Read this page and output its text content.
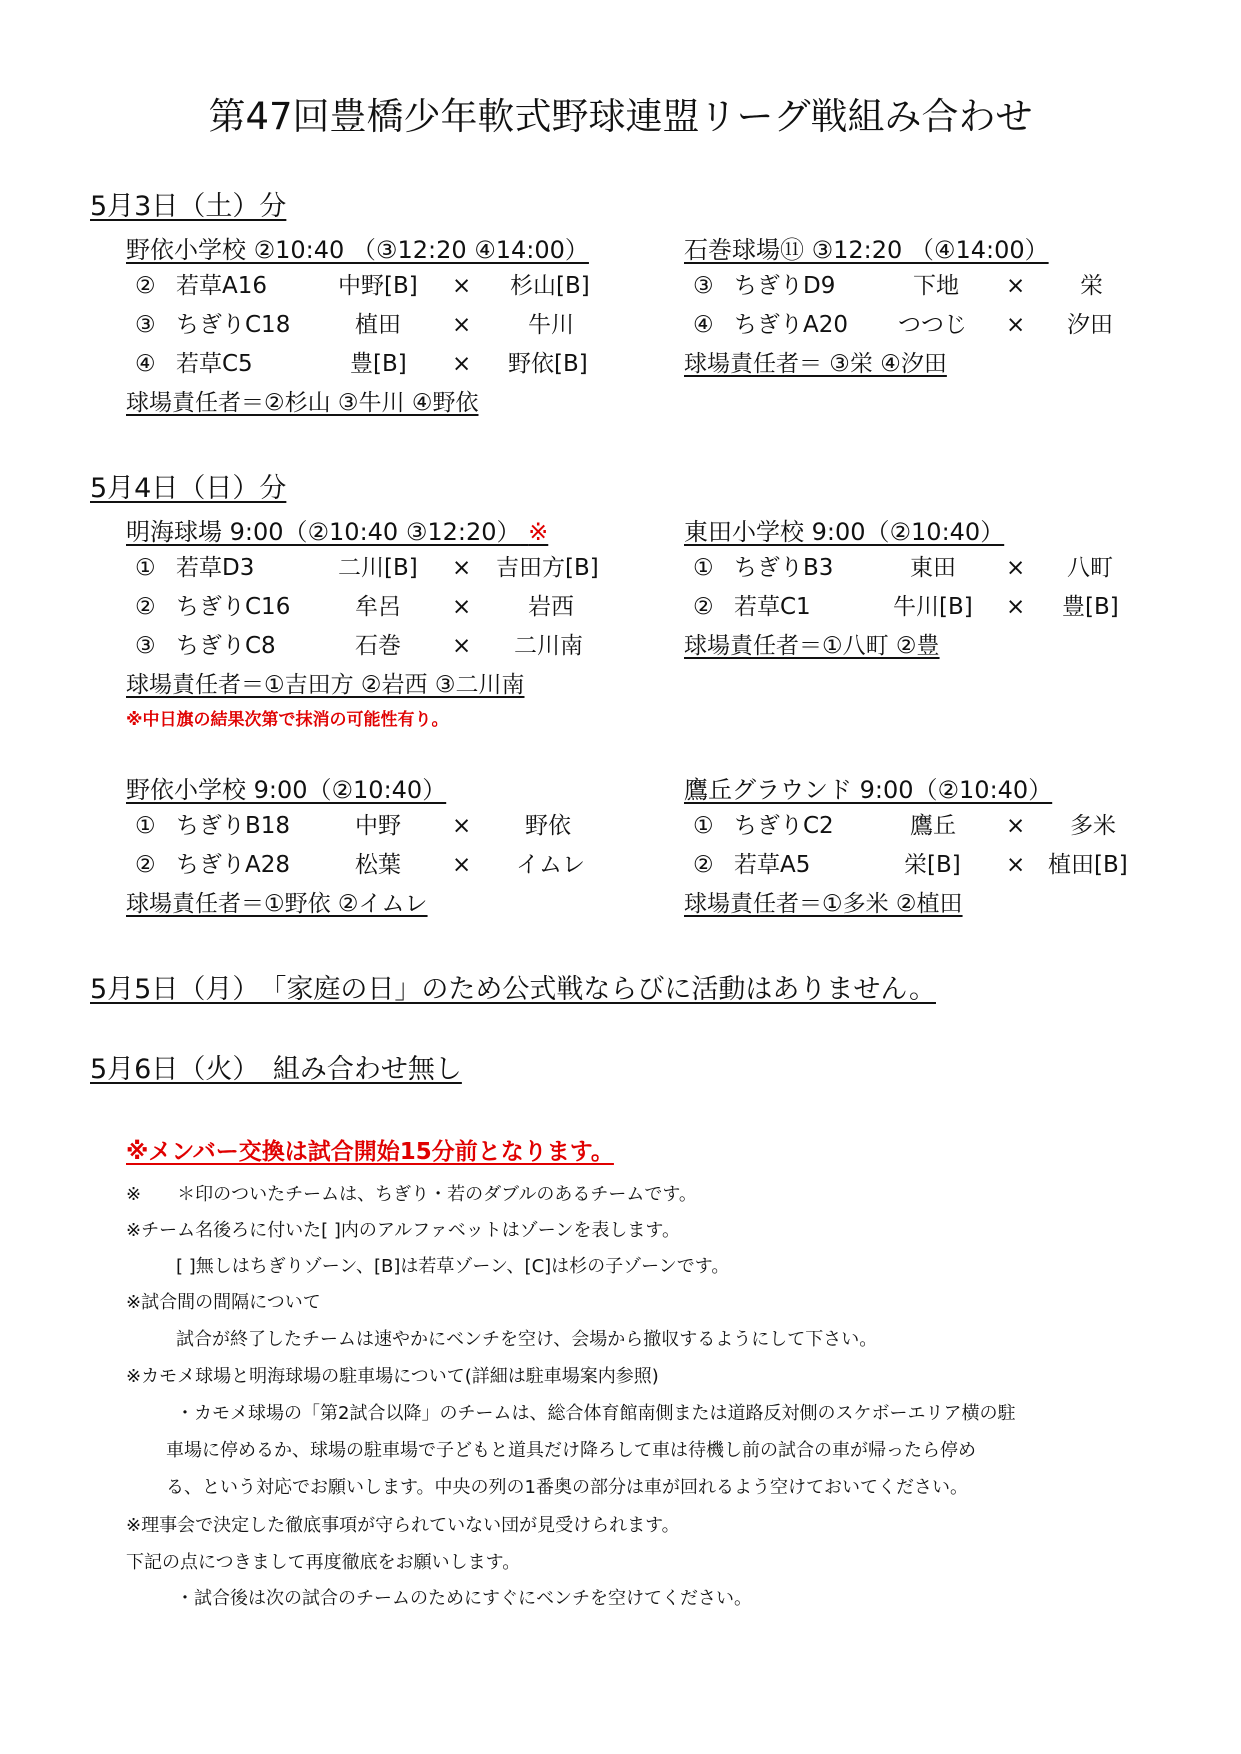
第47回豊橋少年軟式野球連盟リーグ戦組み合わせ
5月3日（土）分
野依小学校 ②10:40 （③12:20 ④14:00）
② 若草A16	中野[B] × 杉山[B]
③ ちぎりC18	植田 × 牛川
④ 若草C5	豊[B] × 野依[B]
球場責任者＝②杉山 ③牛川 ④野依
石巻球場⑪ ③12:20 （④14:00）
③ ちぎりD9	下地 × 栄
④ ちぎりA20 つつじ × 汐田
球場責任者＝ ③栄 ④汐田
5月4日（日）分
明海球場 9:00（②10:40 ③12:20） ※
① 若草D3	二川[B] × 吉田方[B]
② ちぎりC16	牟呂 × 岩西
③ ちぎりC8	石巻 × 二川南
球場責任者＝①吉田方 ②岩西 ③二川南
※中日旗の結果次第で抹消の可能性有り。
東田小学校 9:00（②10:40）
① ちぎりB3	東田 × 八町
② 若草C1	牛川[B] × 豊[B]
球場責任者＝①八町 ②豊
野依小学校 9:00（②10:40）
① ちぎりB18	中野 × 野依
② ちぎりA28	松葉 × イムレ
球場責任者＝①野依 ②イムレ
鷹丘グラウンド 9:00（②10:40）
① ちぎりC2	鷹丘 × 多米
② 若草A5	栄[B] × 植田[B]
球場責任者＝①多米 ②植田
5月5日（月）　「家庭の日」のため公式戦ならびに活動はありません。
5月6日（火）　組み合わせ無し
※メンバー交換は試合開始15分前となります。
※　　＊印のついたチームは、ちぎり・若のダブルのあるチームです。
※チーム名後ろに付いた[ ]内のアルファベットはゾーンを表します。
[ ]無しはちぎりゾーン、[B]は若草ゾーン、[C]は杉の子ゾーンです。
※試合間の間隔について
試合が終了したチームは速やかにベンチを空け、会場から撤収するようにして下さい。
※カモメ球場と明海球場の駐車場について(詳細は駐車場案内参照)
・カモメ球場の「第2試合以降」のチームは、総合体育館南側または道路反対側のスケボーエリア横の駐
車場に停めるか、球場の駐車場で子どもと道具だけ降ろして車は待機し前の試合の車が帰ったら停め
る、という対応でお願いします。中央の列の1番奥の部分は車が回れるよう空けておいてください。
※理事会で決定した徹底事項が守られていない団が見受けられます。
下記の点につきまして再度徹底をお願いします。
・試合後は次の試合のチームのためにすぐにベンチを空けてください。
